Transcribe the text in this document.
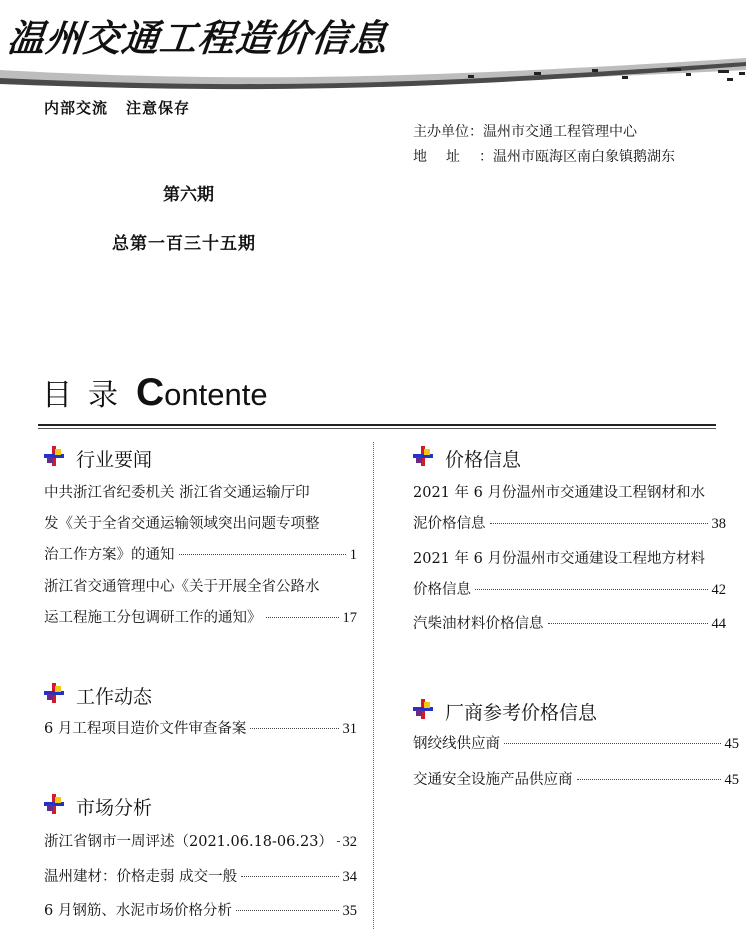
温州交通工程造价信息
内部交流 注意保存
主办单位：温州市交通工程管理中心
地址：温州市瓯海区南白象镇鹅湖东
第六期
总第一百三十五期
目录Contente
行业要闻
工作动态
市场分析
价格信息
厂商参考价格信息
中共浙江省纪委机关 浙江省交通运输厅印
发《关于全省交通运输领域突出问题专项整
治工作方案》的通知	1
浙江省交通管理中心《关于开展全省公路水
运工程施工分包调研工作的通知》	17
6 月工程项目造价文件审查备案	31
浙江省钢市一周评述（2021.06.18-06.23） 32
温州建材：价格走弱 成交一般	34
6 月钢筋、水泥市场价格分析	35
2021 年 6 月份温州市交通建设工程钢材和水
泥价格信息	38
2021 年 6 月份温州市交通建设工程地方材料
价格信息	42
汽柴油材料价格信息	44
钢绞线供应商	45
交通安全设施产品供应商	45
